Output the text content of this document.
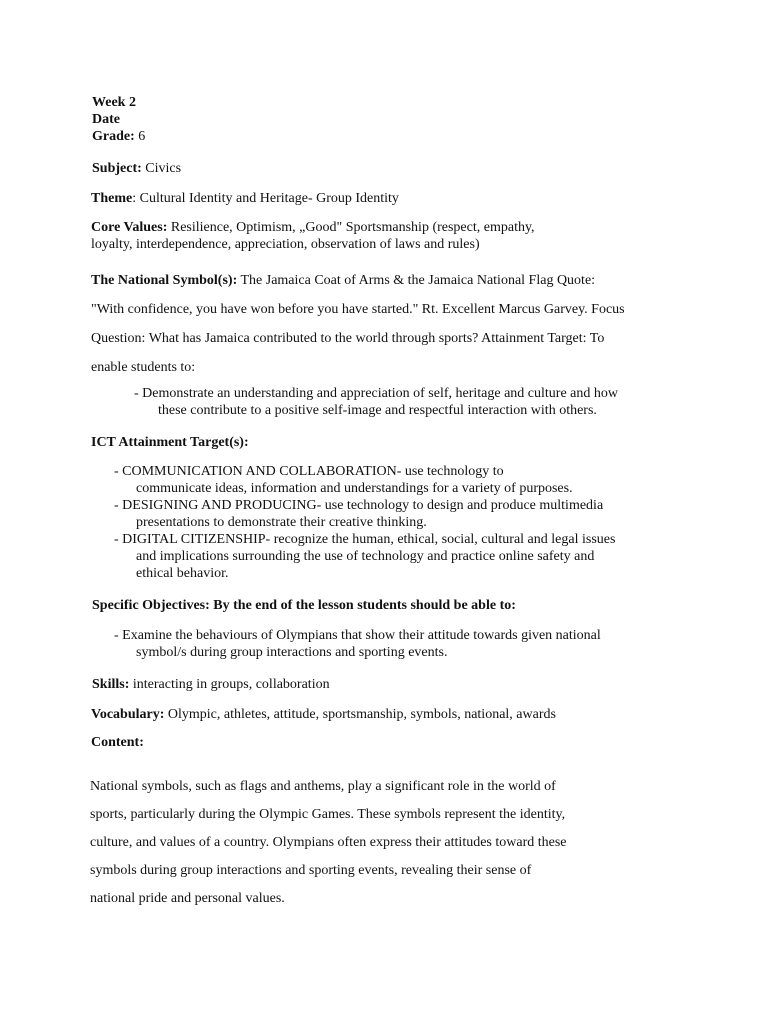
Week 2
Date
Grade: 6
Subject: Civics
Theme: Cultural Identity and Heritage- Group Identity
Core Values: Resilience, Optimism, „Good" Sportsmanship (respect, empathy,
loyalty, interdependence, appreciation, observation of laws and rules)
The National Symbol(s): The Jamaica Coat of Arms & the Jamaica National Flag Quote:
"With confidence, you have won before you have started." Rt. Excellent Marcus Garvey. Focus
Question: What has Jamaica contributed to the world through sports? Attainment Target: To
enable students to:
- Demonstrate an understanding and appreciation of self, heritage and culture and how
these contribute to a positive self-image and respectful interaction with others.
ICT Attainment Target(s):
- COMMUNICATION AND COLLABORATION- use technology to
communicate ideas, information and understandings for a variety of purposes.
- DESIGNING AND PRODUCING- use technology to design and produce multimedia
presentations to demonstrate their creative thinking.
- DIGITAL CITIZENSHIP- recognize the human, ethical, social, cultural and legal issues
and implications surrounding the use of technology and practice online safety and
ethical behavior.
Specific Objectives: By the end of the lesson students should be able to:
- Examine the behaviours of Olympians that show their attitude towards given national
symbol/s during group interactions and sporting events.
Skills: interacting in groups, collaboration
Vocabulary: Olympic, athletes, attitude, sportsmanship, symbols, national, awards
Content:
National symbols, such as flags and anthems, play a significant role in the world of
sports, particularly during the Olympic Games. These symbols represent the identity,
culture, and values of a country. Olympians often express their attitudes toward these
symbols during group interactions and sporting events, revealing their sense of
national pride and personal values.
